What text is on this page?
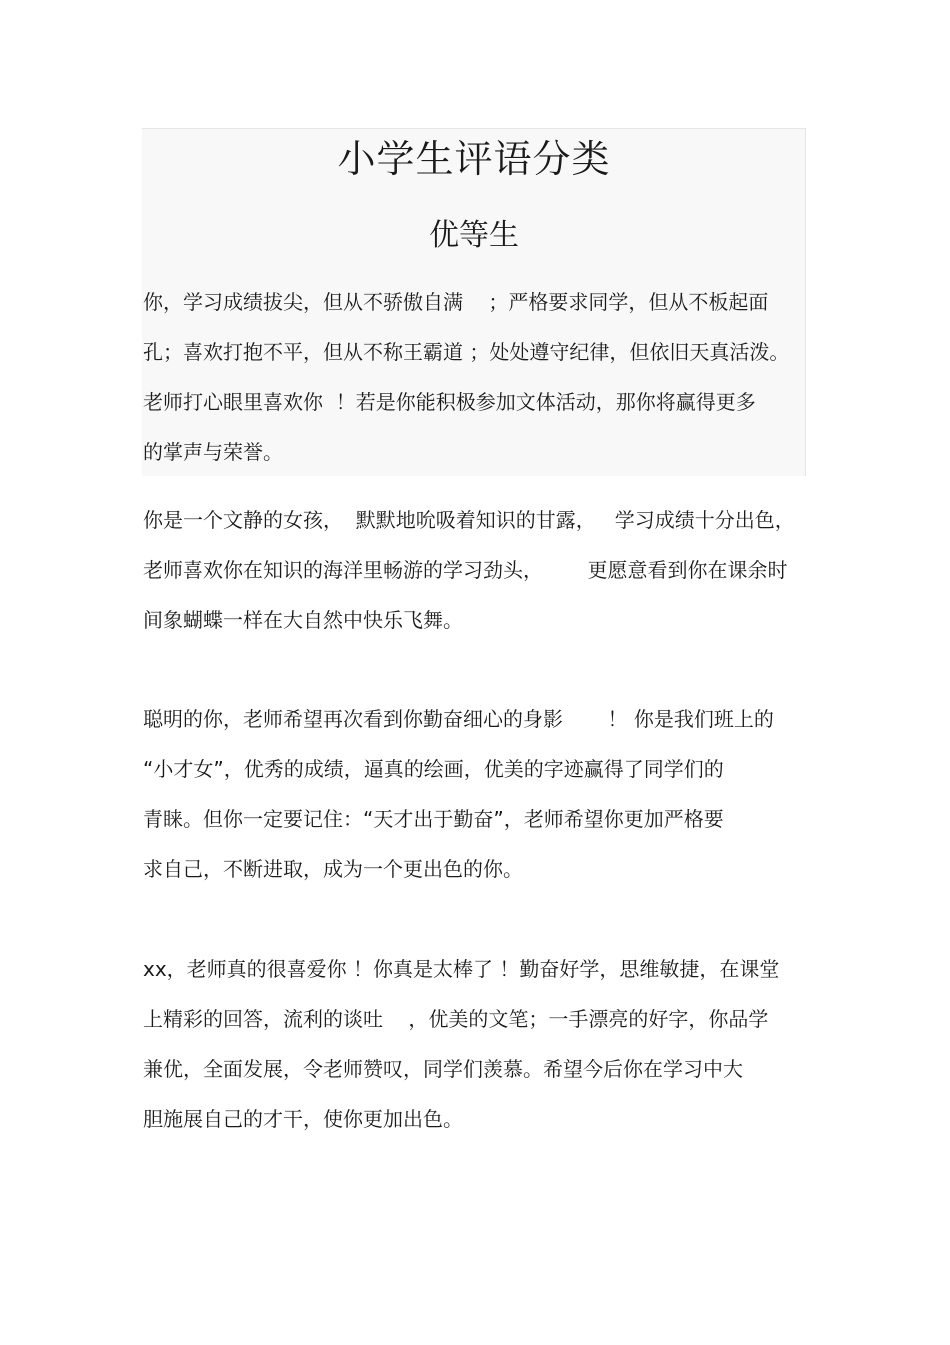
小学生评语分类
优等生

你，学习成绩拔尖，但从不骄傲自满    ；严格要求同学，但从不板起面
孔；喜欢打抱不平，但从不称王霸道 ；处处遵守纪律，但依旧天真活泼。
老师打心眼里喜欢你  ！若是你能积极参加文体活动，那你将赢得更多
的掌声与荣誉。

你是一个文静的女孩，  默默地吮吸着知识的甘露，   学习成绩十分出色，
老师喜欢你在知识的海洋里畅游的学习劲头，       更愿意看到你在课余时
间象蝴蝶一样在大自然中快乐飞舞。

聪明的你，老师希望再次看到你勤奋细心的身影       ！ 你是我们班上的
“小才女”，优秀的成绩，逼真的绘画，优美的字迹赢得了同学们的
青睐。但你一定要记住：“天才出于勤奋”，老师希望你更加严格要
求自己，不断进取，成为一个更出色的你。

xx，老师真的很喜爱你 ！你真是太棒了 ！勤奋好学，思维敏捷，在课堂
上精彩的回答，流利的谈吐    ，优美的文笔；一手漂亮的好字，你品学
兼优，全面发展，令老师赞叹，同学们羡慕。希望今后你在学习中大
胆施展自己的才干，使你更加出色。
